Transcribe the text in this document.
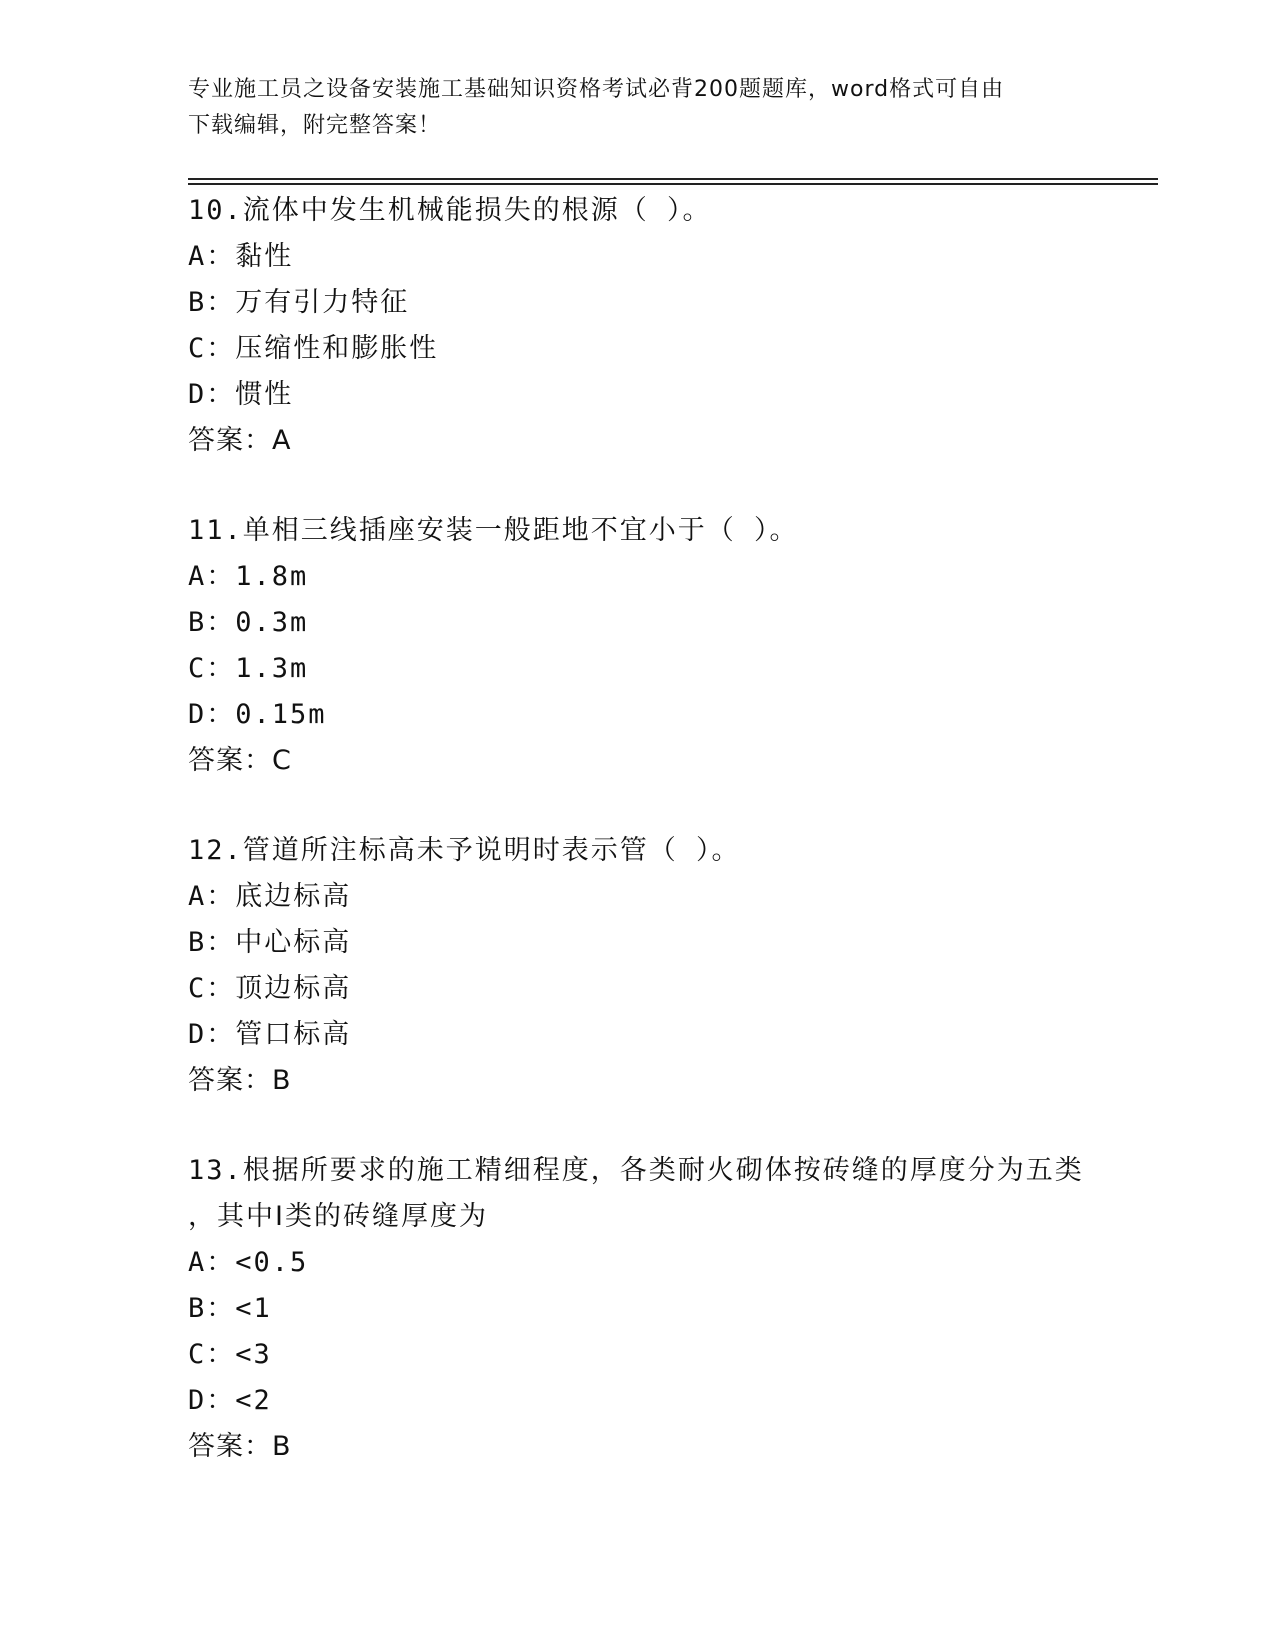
专业施工员之设备安装施工基础知识资格考试必背200题题库，word格式可自由
下载编辑，附完整答案！
10.流体中发生机械能损失的根源（ ）。
A：黏性
B：万有引力特征
C：压缩性和膨胀性
D：惯性
答案：A
11.单相三线插座安装一般距地不宜小于（ ）。
A：1.8m
B：0.3m
C：1.3m
D：0.15m
答案：C
12.管道所注标高未予说明时表示管（ ）。
A：底边标高
B：中心标高
C：顶边标高
D：管口标高
答案：B
13.根据所要求的施工精细程度，各类耐火砌体按砖缝的厚度分为五类
，其中Ⅰ类的砖缝厚度为
A：<0.5
B：<1
C：<3
D：<2
答案：B
